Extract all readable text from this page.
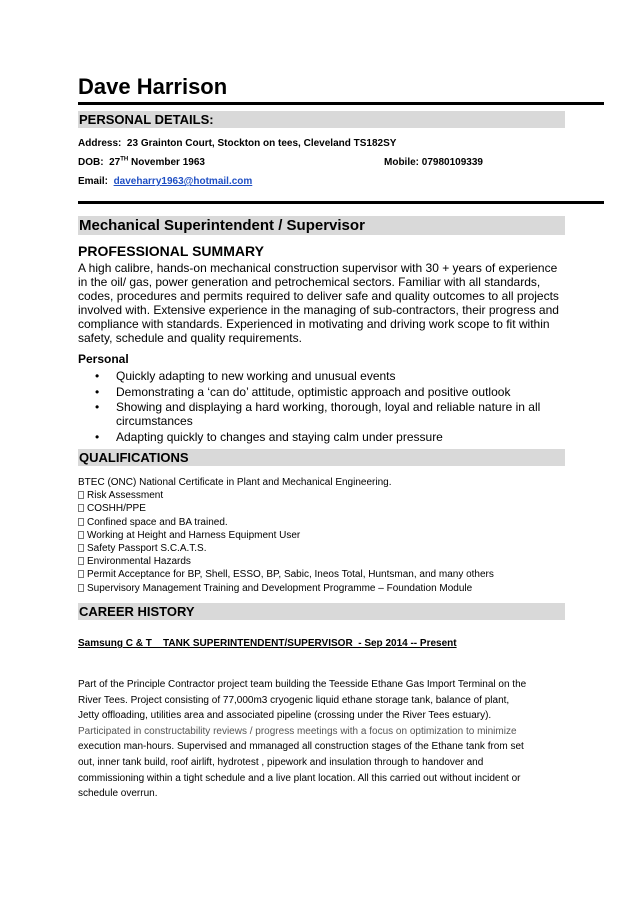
Dave Harrison
PERSONAL DETAILS:
Address: 23 Grainton Court, Stockton on tees, Cleveland TS182SY
DOB: 27TH November 1963	Mobile: 07980109339
Email: daveharry1963@hotmail.com
Mechanical Superintendent / Supervisor
PROFESSIONAL SUMMARY
A high calibre, hands-on mechanical construction supervisor with 30 + years of experience
in the oil/ gas, power generation and petrochemical sectors. Familiar with all standards,
codes, procedures and permits required to deliver safe and quality outcomes to all projects
involved with. Extensive experience in the managing of sub-contractors, their progress and
compliance with standards. Experienced in motivating and driving work scope to fit within
safety, schedule and quality requirements.
Personal
• Quickly adapting to new working and unusual events
• Demonstrating a ‘can do’ attitude, optimistic approach and positive outlook
• Showing and displaying a hard working, thorough, loyal and reliable nature in all circumstances
• Adapting quickly to changes and staying calm under pressure
QUALIFICATIONS
BTEC (ONC) National Certificate in Plant and Mechanical Engineering.
Risk Assessment
COSHH/PPE
Confined space and BA trained.
Working at Height and Harness Equipment User
Safety Passport S.C.A.T.S.
Environmental Hazards
Permit Acceptance for BP, Shell, ESSO, BP, Sabic, Ineos Total, Huntsman, and many others
Supervisory Management Training and Development Programme – Foundation Module
CAREER HISTORY
Samsung C & T    TANK SUPERINTENDENT/SUPERVISOR  - Sep 2014 -- Present
Part of the Principle Contractor project team building the Teesside Ethane Gas Import Terminal on the
River Tees. Project consisting of 77,000m3 cryogenic liquid ethane storage tank, balance of plant,
Jetty offloading, utilities area and associated pipeline (crossing under the River Tees estuary).
Participated in constructability reviews / progress meetings with a focus on optimization to minimize
execution man-hours. Supervised and mmanaged all construction stages of the Ethane tank from set
out, inner tank build, roof airlift, hydrotest , pipework and insulation through to handover and
commissioning within a tight schedule and a live plant location. All this carried out without incident or
schedule overrun.
